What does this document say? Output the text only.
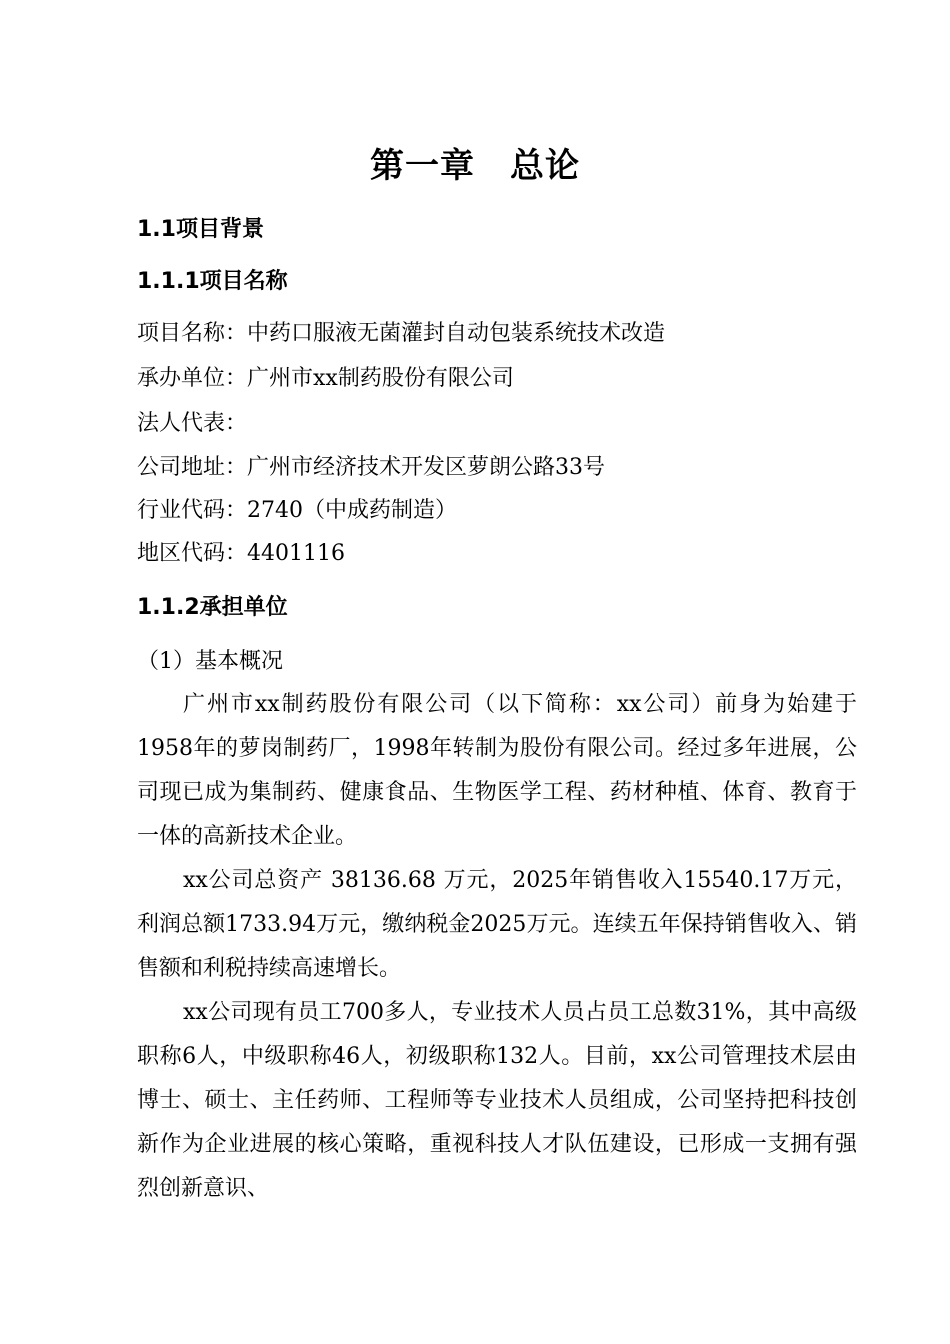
第一章　总论
1.1项目背景
1.1.1项目名称
项目名称：中药口服液无菌灌封自动包装系统技术改造
承办单位：广州市xx制药股份有限公司
法人代表：
公司地址：广州市经济技术开发区萝朗公路33号
行业代码：2740（中成药制造）
地区代码：4401116
1.1.2承担单位
（1）基本概况
广州市xx制药股份有限公司（以下简称：xx公司）前身为始建于1958年的萝岗制药厂，1998年转制为股份有限公司。经过多年进展，公司现已成为集制药、健康食品、生物医学工程、药材种植、体育、教育于一体的高新技术企业。
xx公司总资产 38136.68 万元，2025年销售收入15540.17万元，利润总额1733.94万元，缴纳税金2025万元。连续五年保持销售收入、销售额和利税持续高速增长。
xx公司现有员工700多人，专业技术人员占员工总数31%，其中高级职称6人，中级职称46人，初级职称132人。目前，xx公司管理技术层由博士、硕士、主任药师、工程师等专业技术人员组成，公司坚持把科技创新作为企业进展的核心策略，重视科技人才队伍建设，已形成一支拥有强烈创新意识、
